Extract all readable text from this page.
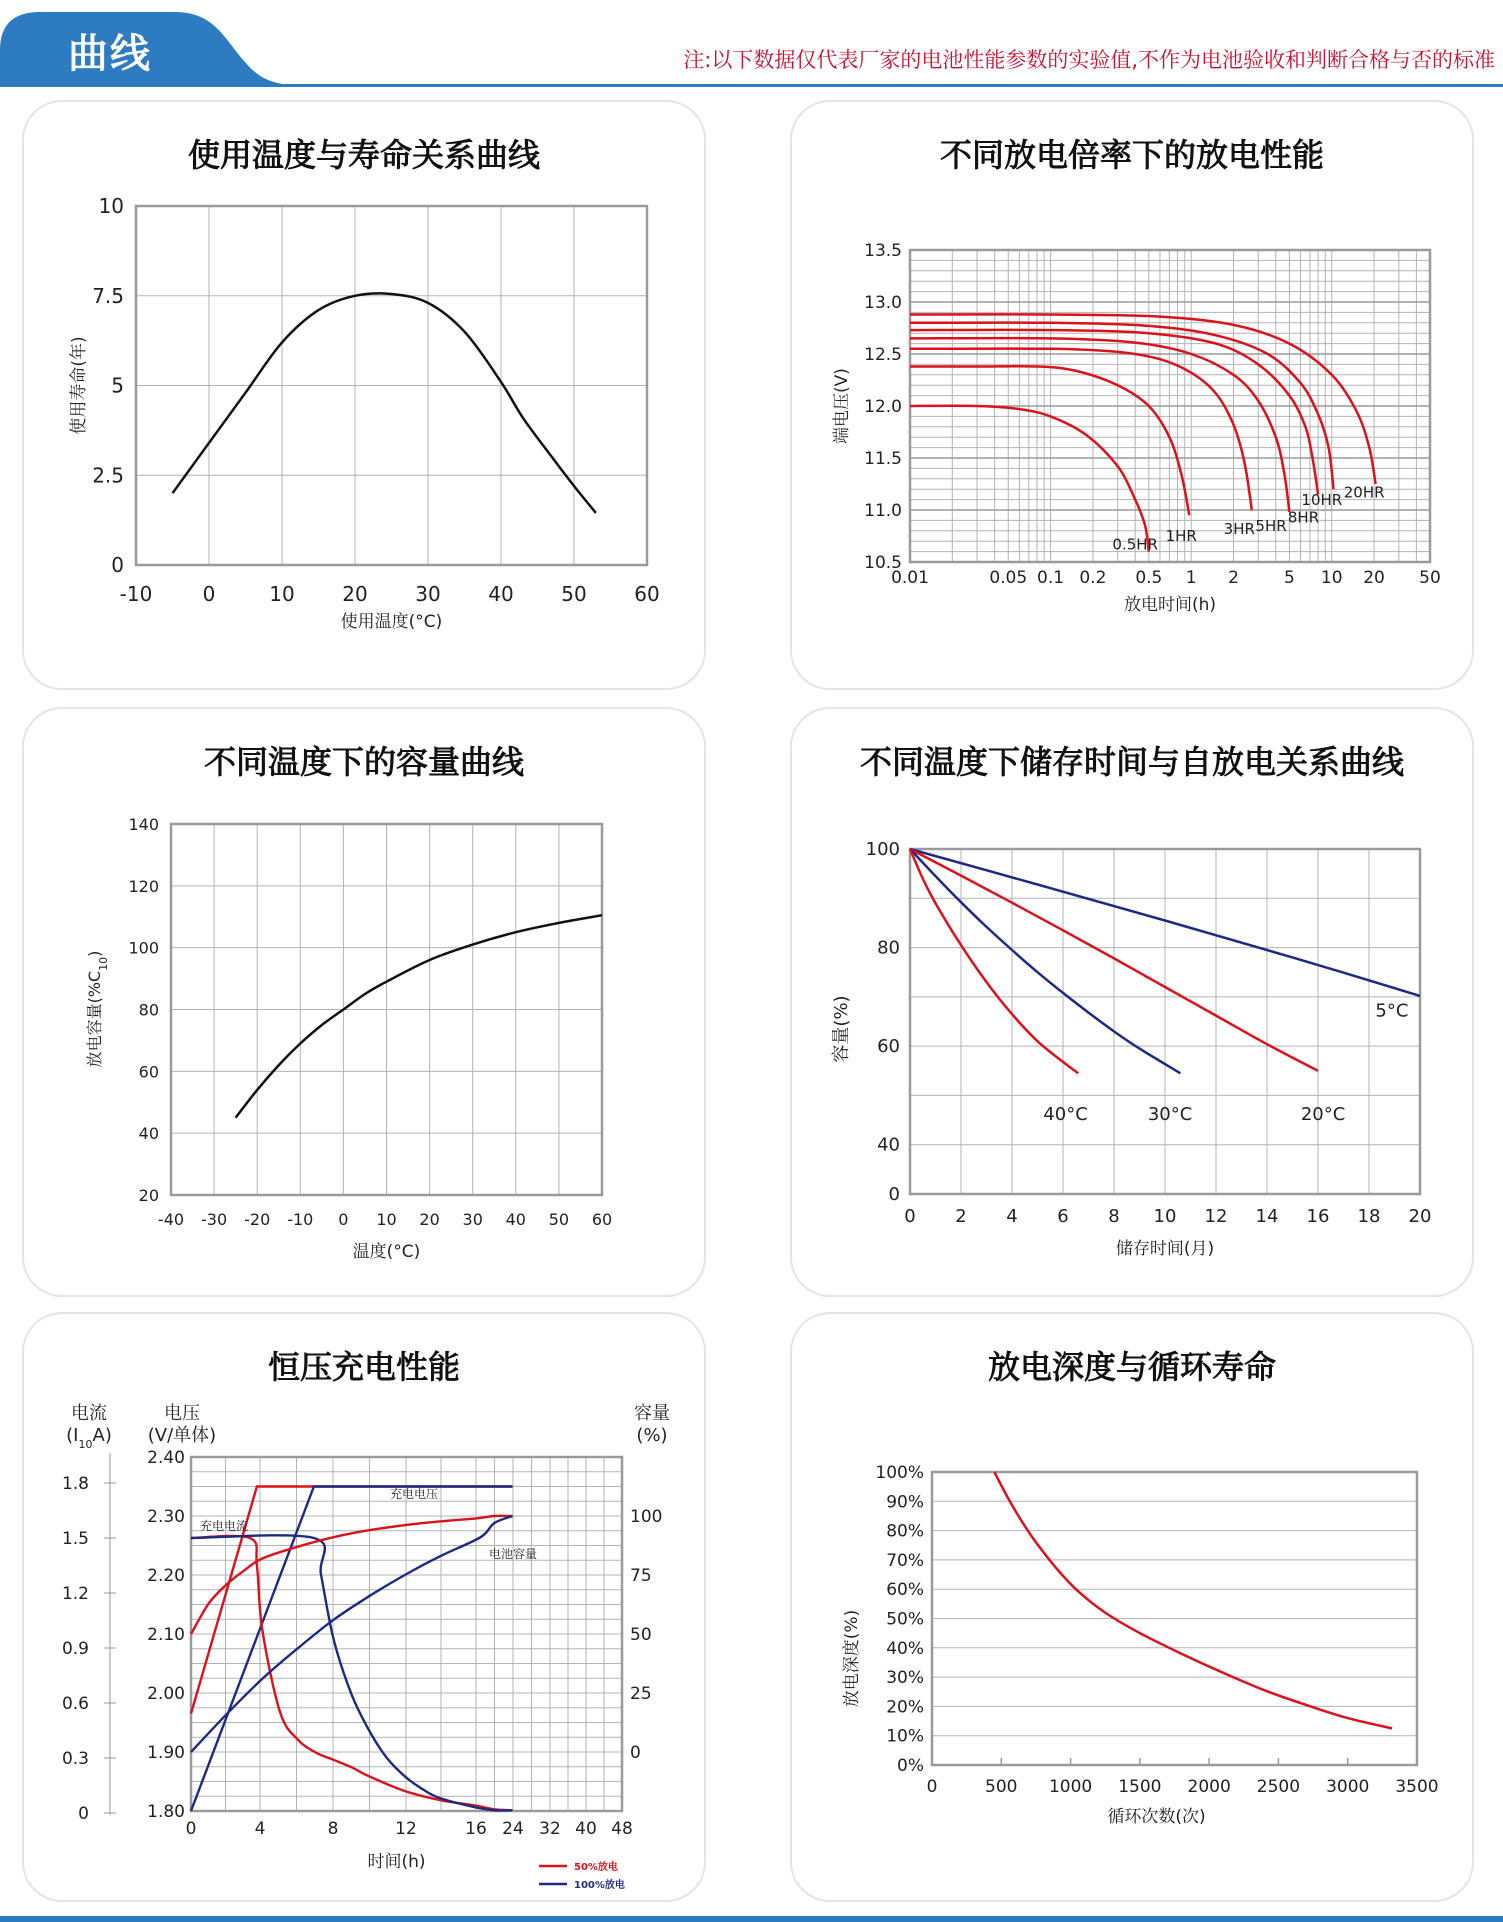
曲线	注:以下数据仅代表厂家的电池性能参数的实验值,不作为电池验收和判断合格与否的标准
使用温度与寿命关系曲线
-10	0	10 20 30 40 50 60
0
2.5
5
7.5
10
使用温度(°C)
使用寿命(年)
不同放电倍率下的放电性能
0.01	0.05 0.1 0.2 0.5 1 2	5 10 20 50
10.5
11.0
11.5
12.0
12.5
13.0
13.5
0.5HR 1HR 3HR 5HR 8HR
10HR 20HR
放电时间(h)
端电压(V)
不同温度下的容量曲线
-40 -30 -20 -10 0 10 20 30 40 50 60
20
40
60
80
100
120
140
温度(°C)
放电容量$(\%C_{10})$
不同温度下储存时间与自放电关系曲线
0 2 4 6 8 10 12 14 16 18 20
0
40
60
80
100
5°C
20°C
30°C
40°C
储存时间(月)
容量(%)
恒压充电性能
0	4	8	12	16 24 32 40 48
2.40
2.30
2.20
2.10
2.00
1.90
1.80
1.8
1.5
1.2
0.9
0.6
0.3
0
100
75
50
25
0
电流
$(I_{10}A)$
电压
(V/单体)
容量
(%)
充电电压
充电电流
电池容量
时间(h)	50%放电
100%放电
放电深度与循环寿命
0%
10%
20%
30%
40%
50%
60%
70%
80%
90%
100%
0	500 1000 1500 2000 2500 3000 3500
循环次数(次)
放电深度(%)
